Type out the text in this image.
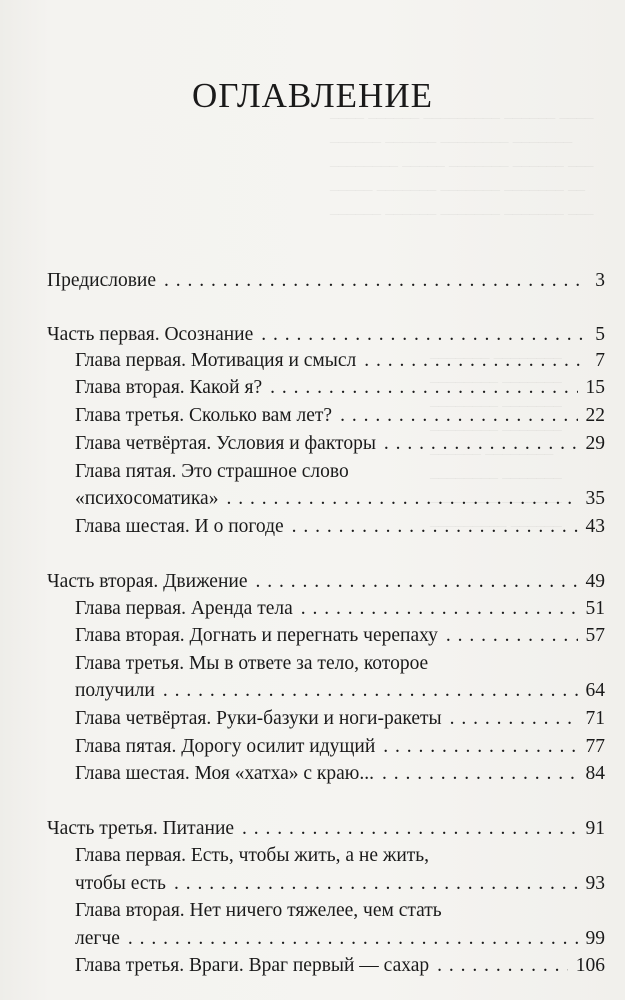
____ ______ _________ ______ ____
______ ______ ________ _______
________ _____ _______ ______ ___
_____ _______ _______ _______ __
______ ______ _______ _______ ___
_______ ________
________ _______
________ _______
________ _______
______ ________
________ _______
________ _______
_________ ______
ОГЛАВЛЕНИЕ
Предисловие . . .	3
Часть первая. Осознание . . .	5
Глава первая. Мотивация и смысл . . .	7
Глава вторая. Какой я? . . .	15
Глава третья. Сколько вам лет? . . .	22
Глава четвёртая. Условия и факторы . . .	29
Глава пятая. Это страшное слово
«психосоматика» . . .	35
Глава шестая. И о погоде . . .	43
Часть вторая. Движение . . .	49
Глава первая. Аренда тела . . .	51
Глава вторая. Догнать и перегнать черепаху . . .	57
Глава третья. Мы в ответе за тело, которое
получили . . .	64
Глава четвёртая. Руки-базуки и ноги-ракеты . . .	71
Глава пятая. Дорогу осилит идущий . . .	77
Глава шестая. Моя «хатха» с краю... . . .	84
Часть третья. Питание . . .	91
Глава первая. Есть, чтобы жить, а не жить,
чтобы есть . . .	93
Глава вторая. Нет ничего тяжелее, чем стать
легче . . .	99
Глава третья. Враги. Враг первый — сахар . . .	106
